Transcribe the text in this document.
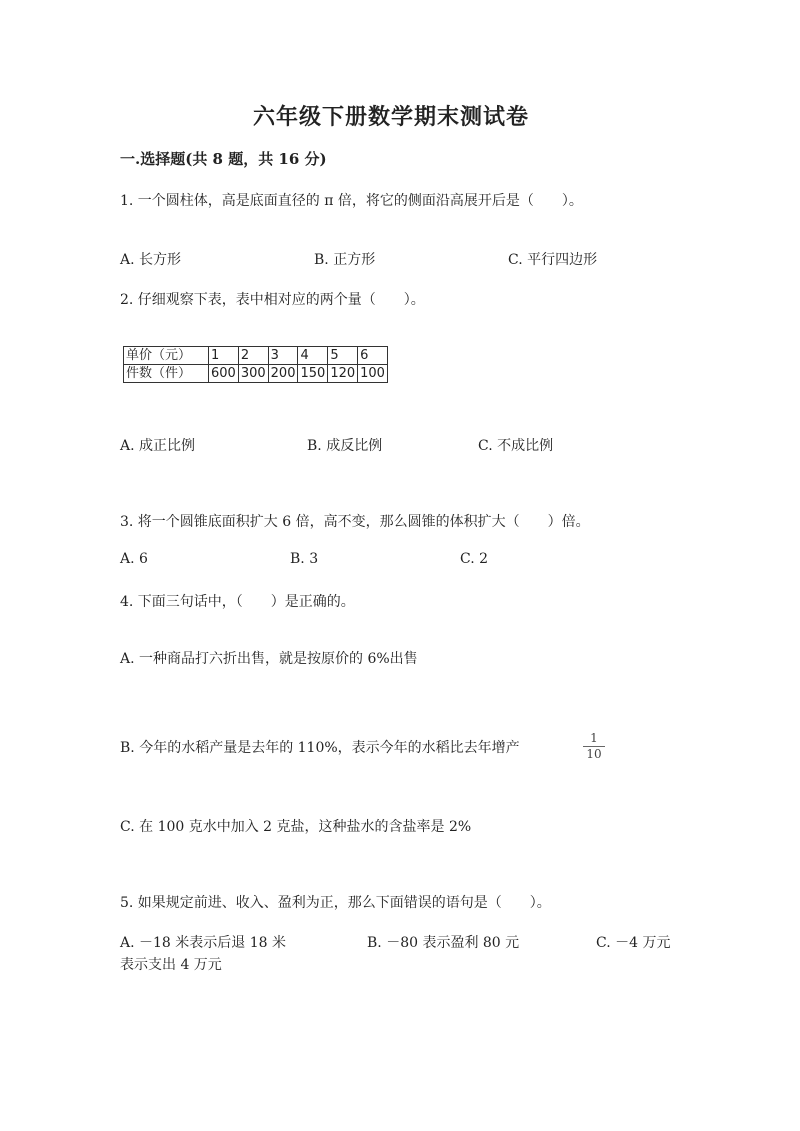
六年级下册数学期末测试卷
一.选择题(共 8 题，共 16 分)
1. 一个圆柱体，高是底面直径的 π 倍，将它的侧面沿高展开后是（　　）。
A. 长方形	B. 正方形	C. 平行四边形
2. 仔细观察下表，表中相对应的两个量（　　）。
单价（元）	1	2	3	4	5	6
件数（件）	600	300	200	150	120	100
A. 成正比例	B. 成反比例	C. 不成比例
3. 将一个圆锥底面积扩大 6 倍，高不变，那么圆锥的体积扩大（　　）倍。
A. 6	B. 3	C. 2
4. 下面三句话中，（　　）是正确的。
A. 一种商品打六折出售，就是按原价的 6%出售
B. 今年的水稻产量是去年的 110%，表示今年的水稻比去年增产
1
10
C. 在 100 克水中加入 2 克盐，这种盐水的含盐率是 2%
5. 如果规定前进、收入、盈利为正，那么下面错误的语句是（　　）。
A. －18 米表示后退 18 米	B. －80 表示盈利 80 元	C. －4 万元
表示支出 4 万元
